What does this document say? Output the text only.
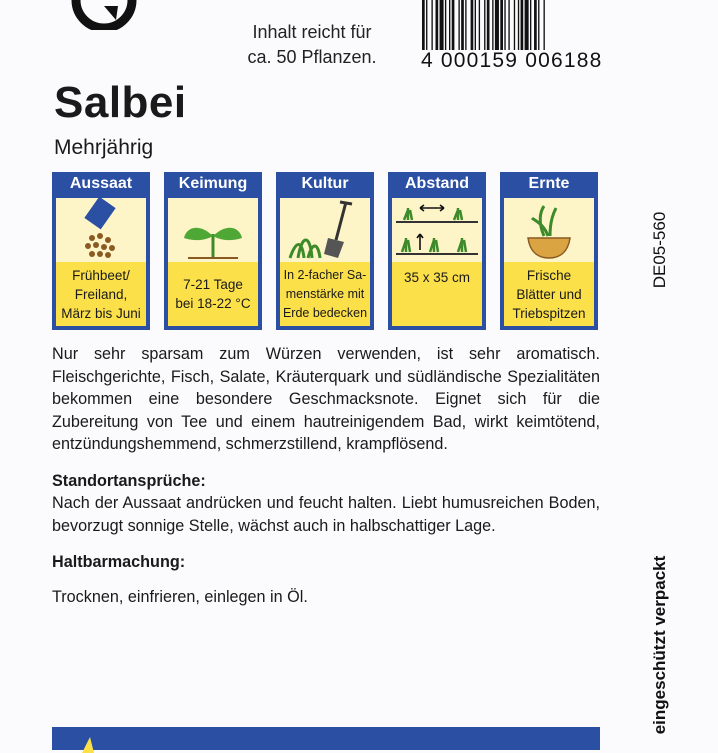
Inhalt reicht für
ca. 50 Pflanzen.	4 000159 006188
Salbei
Mehrjährig
DE05-560
Aussaat
Frühbeet/
Freiland,
März bis Juni
Keimung
7-21 Tage
bei 18-22 °C
Kultur
In 2-facher Sa-
menstärke mit
Erde bedecken
Abstand
35 x 35 cm
Ernte
Frische
Blätter und
Triebspitzen

Nur sehr sparsam zum Würzen verwenden, ist sehr aromatisch. Fleischgerichte, Fisch, Salate, Kräuterquark und südländische Spezialitäten bekommen eine besondere Geschmacksnote. Eignet sich für die Zubereitung von Tee und einem hautreinigendem Bad, wirkt keimtötend, entzündungshemmend, schmerzstillend, krampflösend.

Standortansprüche:

Nach der Aussaat andrücken und feucht halten. Liebt humusreichen Boden, bevorzugt sonnige Stelle, wächst auch in halbschattiger Lage.

Haltbarmachung:

Trocknen, einfrieren, einlegen in Öl.	eingeschützt verpackt
